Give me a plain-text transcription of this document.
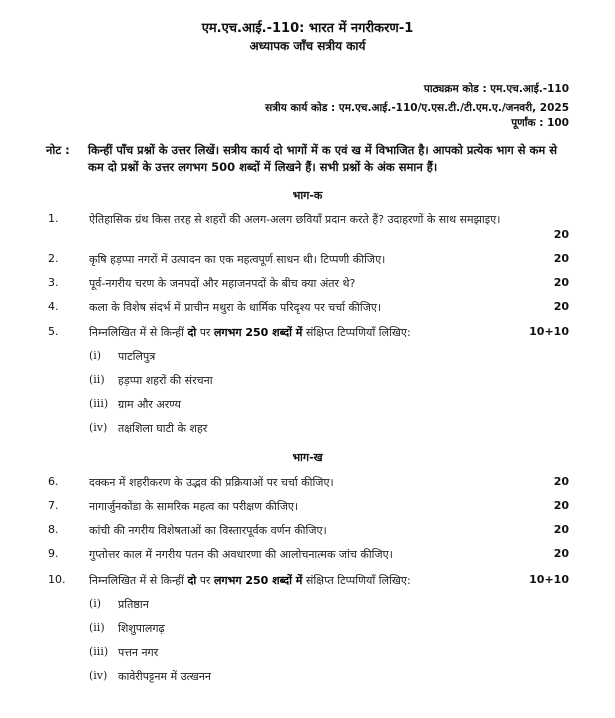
एम.एच.आई.-110: भारत में नगरीकरण-1
अध्यापक जाँच सत्रीय कार्य
पाठ्यक्रम कोड : एम.एच.आई.-110
सत्रीय कार्य कोड : एम.एच.आई.-110/ए.एस.टी./टी.एम.ए./जनवरी, 2025
पूर्णांक : 100
नोट : किन्हीं पाँच प्रश्नों के उत्तर लिखें। सत्रीय कार्य दो भागों में क एवं ख में विभाजित है। आपको प्रत्येक भाग से कम से कम दो प्रश्नों के उत्तर लगभग 500 शब्दों में लिखने हैं। सभी प्रश्नों के अंक समान हैं।
भाग-क
1.	ऐतिहासिक ग्रंथ किस तरह से शहरों की अलग-अलग छवियाँ प्रदान करते हैं? उदाहरणों के साथ समझाइए।
20
2.	कृषि हड़प्पा नगरों में उत्पादन का एक महत्वपूर्ण साधन थी। टिप्पणी कीजिए।	20
3.	पूर्व-नगरीय चरण के जनपदों और महाजनपदों के बीच क्या अंतर थे?	20
4.	कला के विशेष संदर्भ में प्राचीन मथुरा के धार्मिक परिदृश्य पर चर्चा कीजिए।	20
5.	निम्नलिखित में से किन्हीं दो पर लगभग 250 शब्दों में संक्षिप्त टिप्पणियाँ लिखिए:	10+10
(i) पाटलिपुत्र
(ii) हड़प्पा शहरों की संरचना
(iii) ग्राम और अरण्य
(iv) तक्षशिला घाटी के शहर
भाग-ख
6.	दक्कन में शहरीकरण के उद्भव की प्रक्रियाओं पर चर्चा कीजिए।	20
7.	नागार्जुनकोंडा के सामरिक महत्व का परीक्षण कीजिए।	20
8.	कांची की नगरीय विशेषताओं का विस्तारपूर्वक वर्णन कीजिए।	20
9.	गुप्तोत्तर काल में नगरीय पतन की अवधारणा की आलोचनात्मक जांच कीजिए।	20
10. निम्नलिखित में से किन्हीं दो पर लगभग 250 शब्दों में संक्षिप्त टिप्पणियाँ लिखिए:	10+10
(i) प्रतिष्ठान
(ii) शिशुपालगढ़
(iii) पत्तन नगर
(iv) कावेरीपट्टनम में उत्खनन
